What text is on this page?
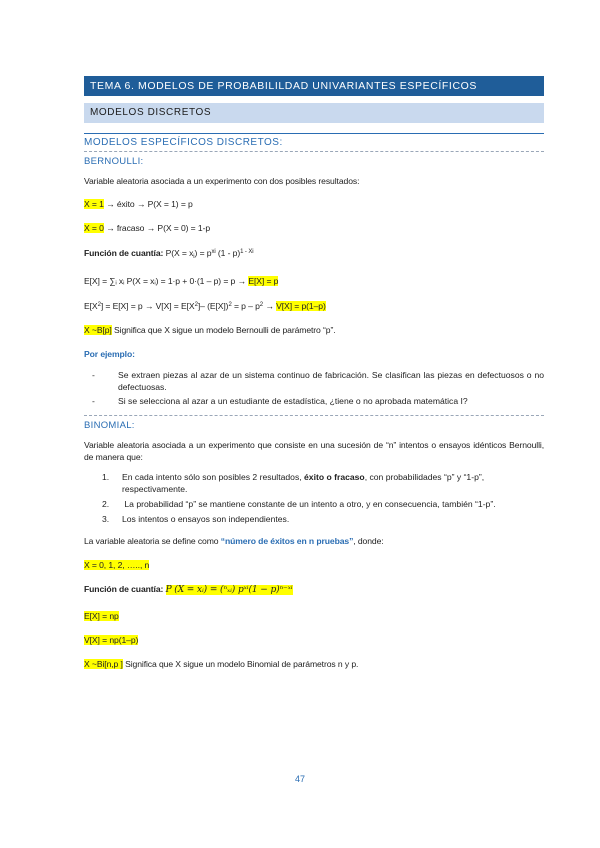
TEMA 6. MODELOS DE PROBABILILDAD UNIVARIANTES ESPECÍFICOS
MODELOS DISCRETOS
MODELOS ESPECÍFICOS DISCRETOS:
BERNOULLI:
Variable aleatoria asociada a un experimento con dos posibles resultados:
X = 1 → éxito → P(X = 1) = p
X = 0 → fracaso → P(X = 0) = 1-p
Función de cuantía: $P(X = x_i) = p^{xi}$ (1 - p)$^{1 - Xi}$
E[X] = ∑ᵢ xᵢ P(X = xᵢ) = 1·p + 0·(1 – p) = p → E[X] = p
$E[X^2] = E[X] = p \to V[X] = E[X^2]-$ $(E[X])^2 = p - p^2 \to V[X] = p(1-p)$
X ~B[p] Significa que X sigue un modelo Bernoulli de parámetro “p”.
Por ejemplo:
-	Se extraen piezas al azar de un sistema continuo de fabricación. Se clasifican las piezas en defectuosos o no defectuosas.
-	Si se selecciona al azar a un estudiante de estadística, ¿tiene o no aprobada matemática I?
BINOMIAL:
Variable aleatoria asociada a un experimento que consiste en una sucesión de “n” intentos o ensayos idénticos Bernoulli, de manera que:
1. En cada intento sólo son posibles 2 resultados, éxito o fracaso, con probabilidades “p” y “1-p”, respectivamente.
2. La probabilidad “p” se mantiene constante de un intento a otro, y en consecuencia, también “1-p”.
3. Los intentos o ensayos son independientes.
La variable aleatoria se define como “número de éxitos en n pruebas”, donde:
X = 0, 1, 2, ….., n
Función de cuantía: P (X = xᵢ) = (ⁿₓᵢ) pˣⁱ(1 − p)ⁿ⁻ˣⁱ
E[X] = np
V[X] = np(1–p)
X ~Bi[n,p ] Significa que X sigue un modelo Binomial de parámetros n y p.
47
